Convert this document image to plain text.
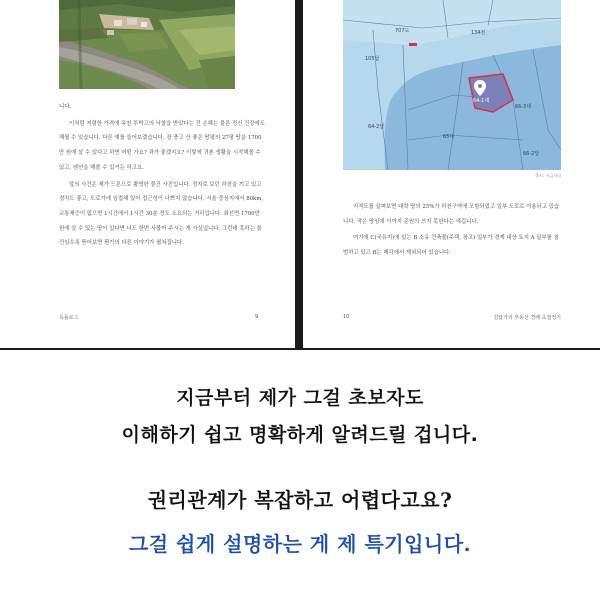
니다.

이처럼 저렴한 가격에 옥천 투박고의 낙찰을 받았다는 건 손해는 물론 정신 건강에도 해될 수 있습니다. 다른 예를 들어보겠습니다. 장 충고 산 좋은 땅평의 27평 땅을 1700만 원에 살 수 있다고 하면 어떤 가요? 과가 좋겠지요? 이렇에 귀촌 생활을 시작해볼 수 있고, 펜션을 해볼 수 있거든 하고요.

앞의 사건은 제가 드론으로 촬영한 물건 사진입니다. 정지로 보던 하천을 끼고 있고 경치도 좋고, 도로가에 임접해 있어 접근성이 나쁘지 않습니다. 서울 중심지에서 80km, 교통체증이 없으면 1시간에서 1시간 30분 정도 소요되는 거리입니다. 최선면 1700만 원에 살 수 있는 땅이 있다면 너도 한번 사볼까 주시는 게 사실입니다. 그런데 흑하는 물건임수록 뜯어보면 뭔가의 다른 이야기가 펼쳐집니다.

독플로그	9
707도	134전
105답
64-1대
66-3대
64-2답
65대
66-2답
출처: 지금자리

지적도를 살펴보면 대략 땅의 25%가 하천구역에 포함되었고 일부 도로로 이용되고 있습니다. 작은 땅임에 이까지 준원의 쓰지 못한다는 얘깁니다.

여기에 C(국유지)에 있는 B 소유 건축물(주택, 창고) 일부가 경계 대상 토지 A 일부를 침범하고 있고 B는 매각에서 제외되어 있습니다.

10	김탐가의 부동산 경매 초절정기
지금부터 제가 그걸 초보자도
이해하기 쉽고 명확하게 알려드릴 겁니다.
권리관계가 복잡하고 어렵다고요?
그걸 쉽게 설명하는 게 제 특기입니다.
